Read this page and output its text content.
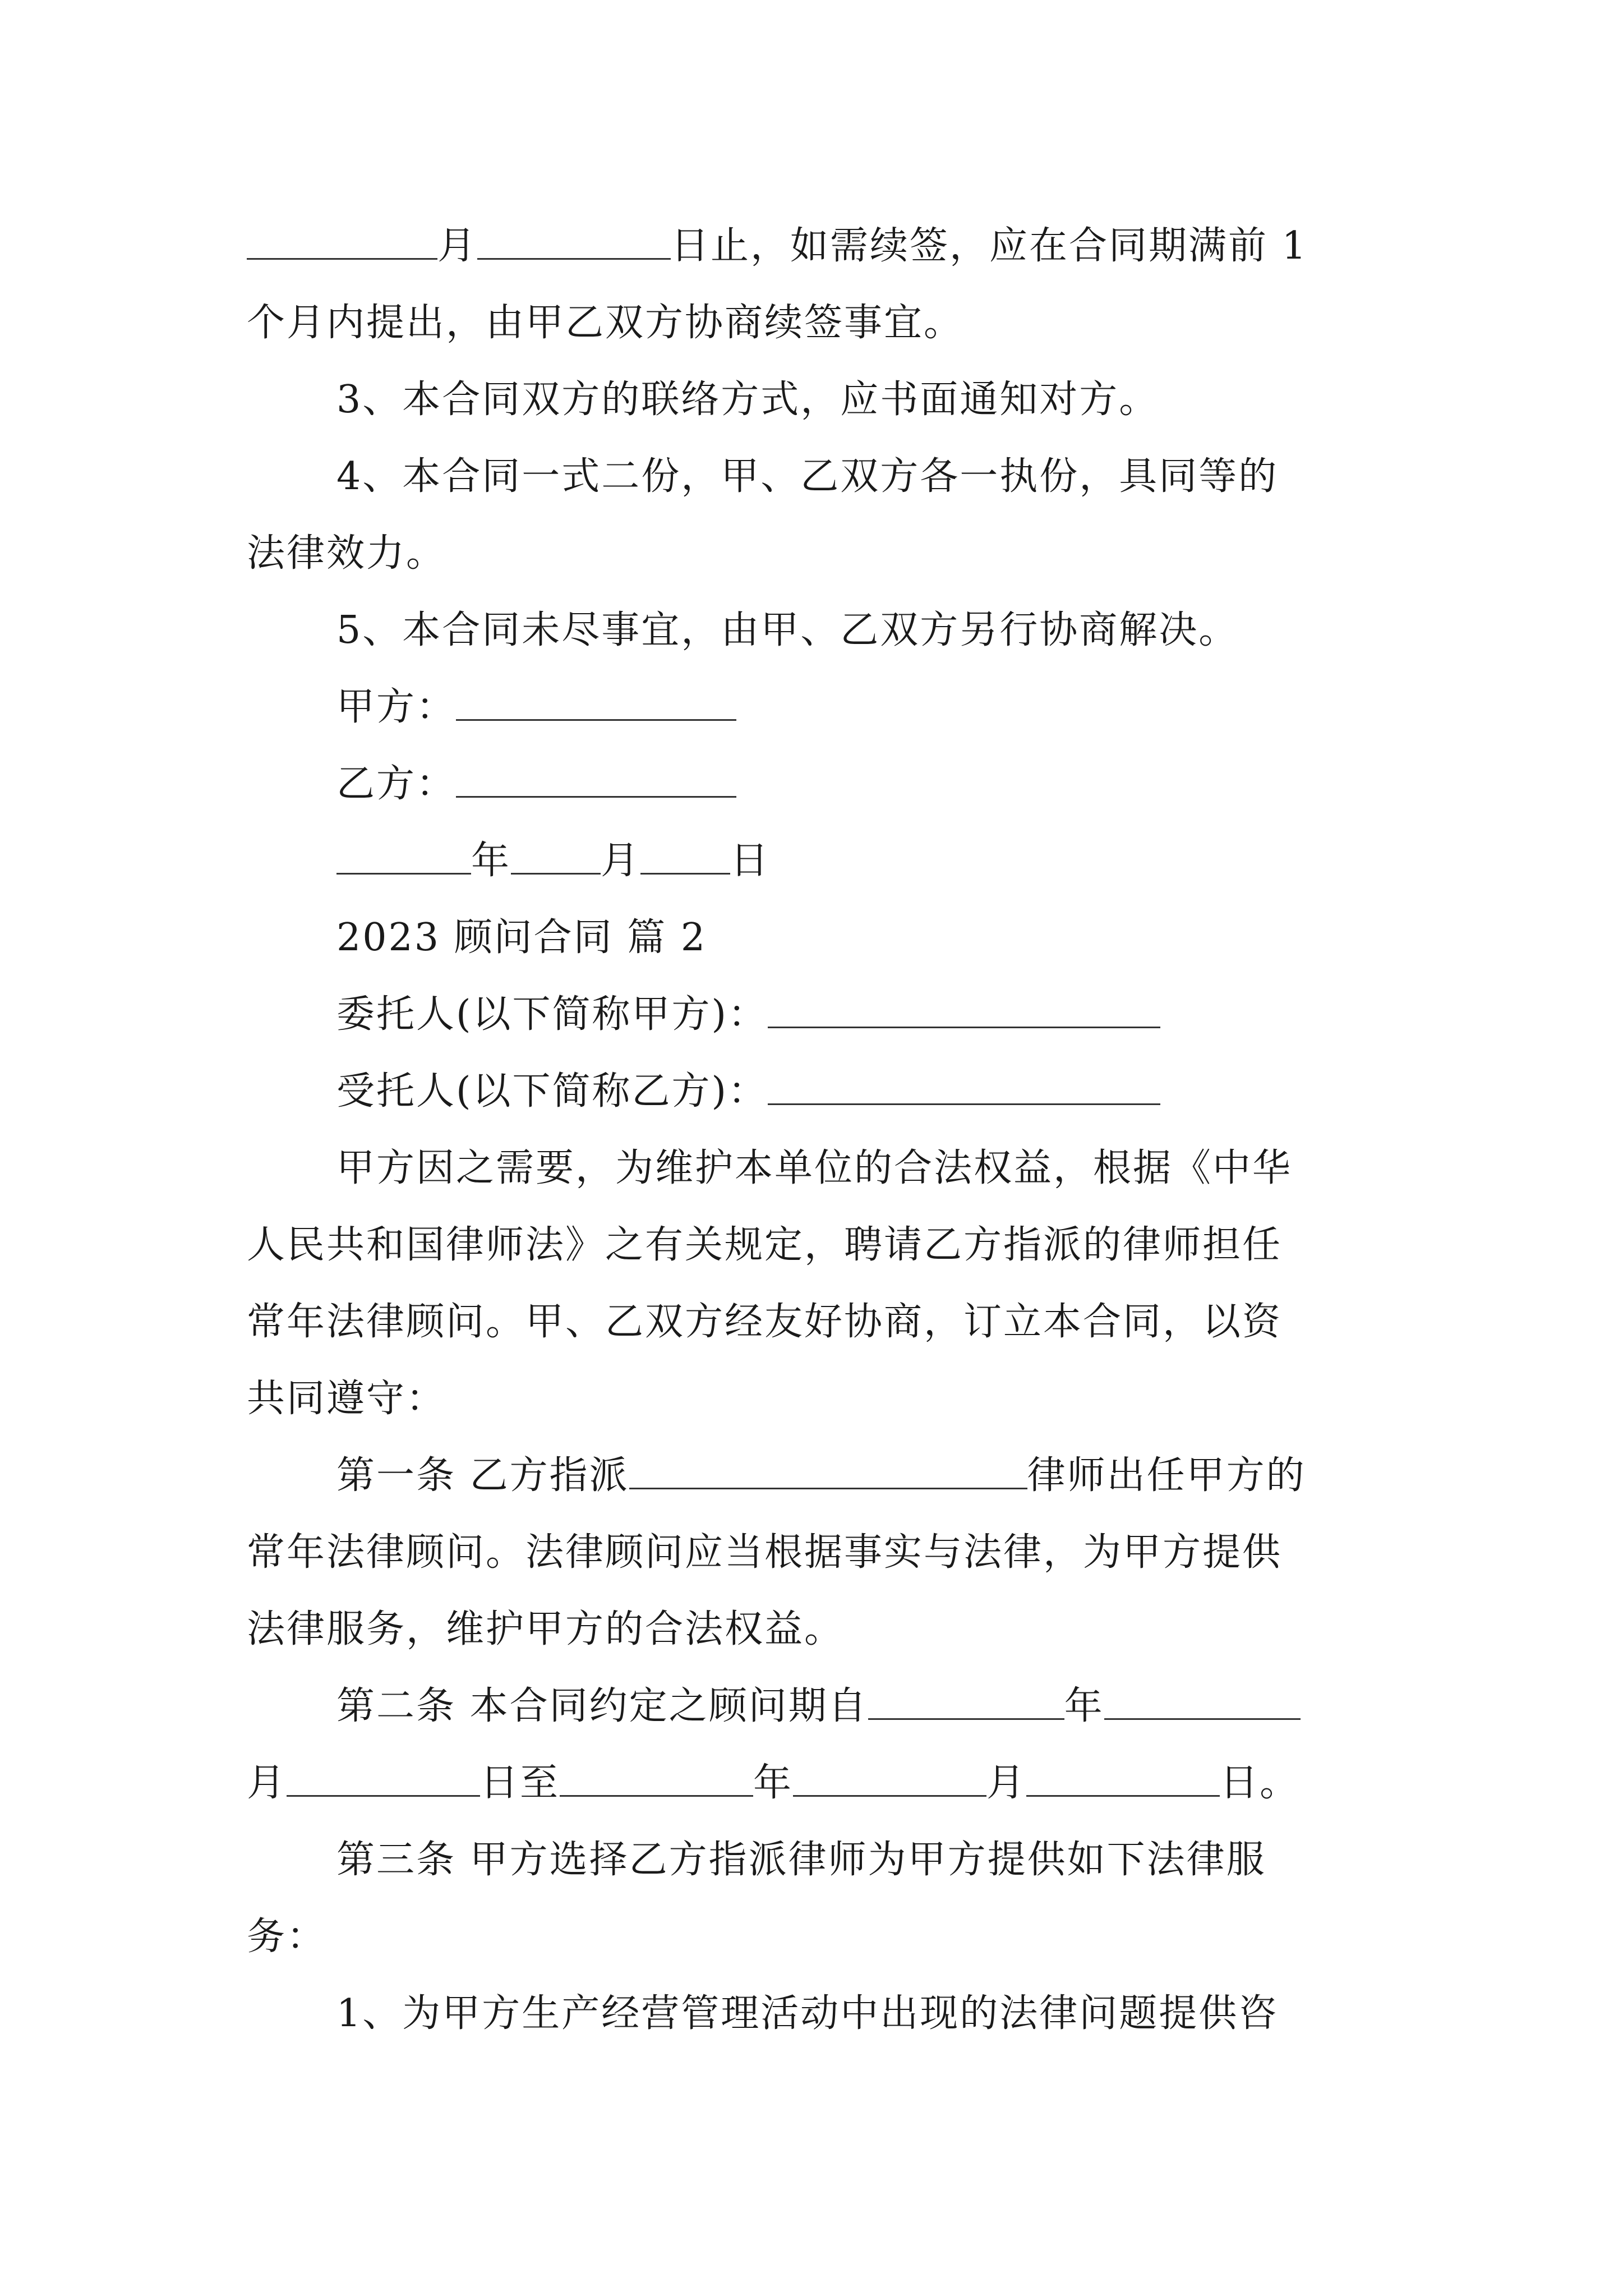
月	日止，如需续签，应在合同期满前 1
个月内提出，由甲乙双方协商续签事宜。
3、本合同双方的联络方式，应书面通知对方。
4、本合同一式二份，甲、乙双方各一执份，具同等的
法律效力。
5、本合同未尽事宜，由甲、乙双方另行协商解决。
甲方：
乙方：
年 月 日
2023 顾问合同 篇 2
委托人(以下简称甲方)：
受托人(以下简称乙方)：
甲方因之需要，为维护本单位的合法权益，根据《中华
人民共和国律师法》之有关规定，聘请乙方指派的律师担任
常年法律顾问。甲、乙双方经友好协商，订立本合同，以资
共同遵守：
第一条 乙方指派	律师出任甲方的
常年法律顾问。法律顾问应当根据事实与法律，为甲方提供
法律服务，维护甲方的合法权益。
第二条 本合同约定之顾问期自	年
月	日至	年	月	日。
第三条 甲方选择乙方指派律师为甲方提供如下法律服
务：
1、为甲方生产经营管理活动中出现的法律问题提供咨
